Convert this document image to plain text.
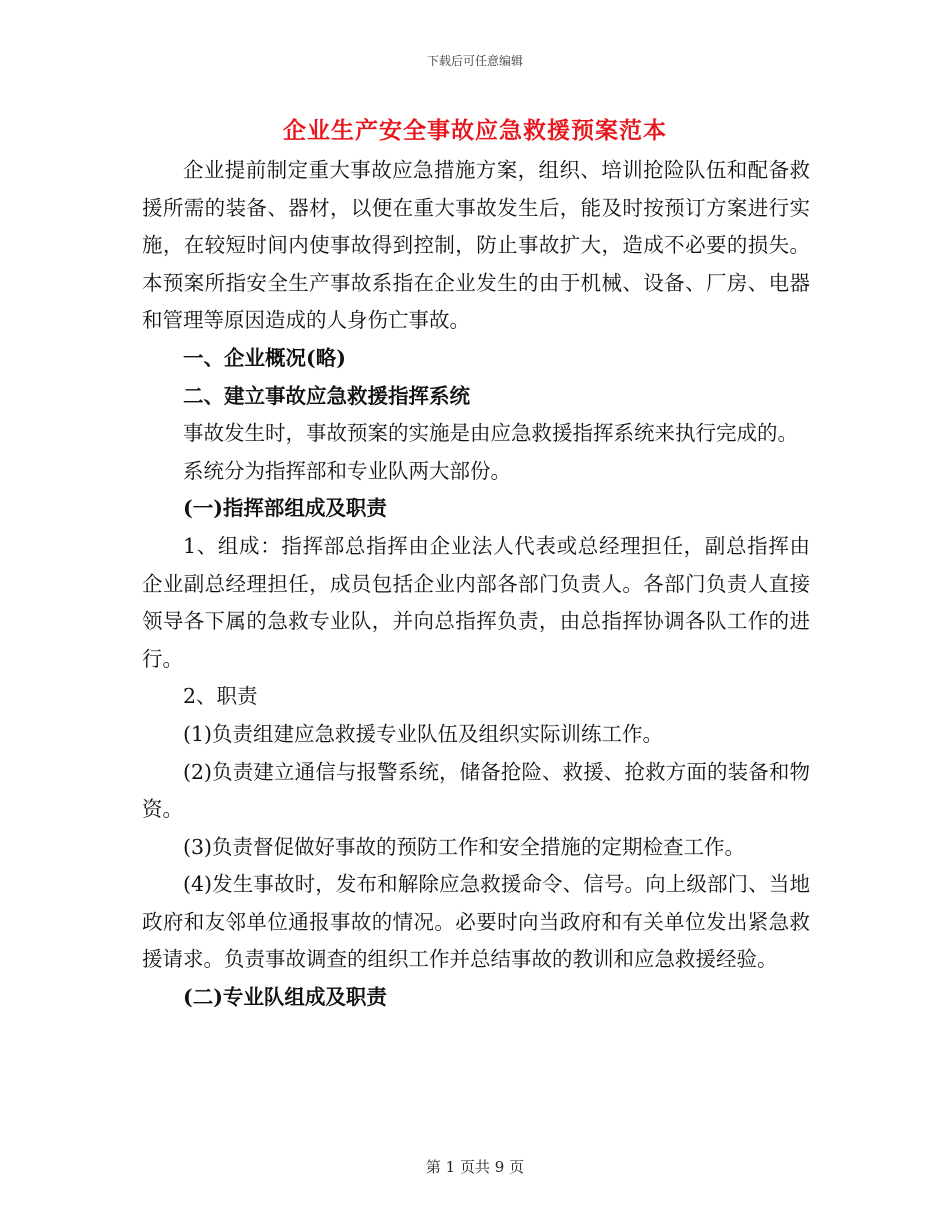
下载后可任意编辑
企业生产安全事故应急救援预案范本

企业提前制定重大事故应急措施方案，组织、培训抢险队伍和配备救援所需的装备、器材，以便在重大事故发生后，能及时按预订方案进行实施，在较短时间内使事故得到控制，防止事故扩大，造成不必要的损失。本预案所指安全生产事故系指在企业发生的由于机械、设备、厂房、电器和管理等原因造成的人身伤亡事故。

一、企业概况(略)

二、建立事故应急救援指挥系统

事故发生时，事故预案的实施是由应急救援指挥系统来执行完成的。

系统分为指挥部和专业队两大部份。

(一)指挥部组成及职责

1、组成：指挥部总指挥由企业法人代表或总经理担任，副总指挥由企业副总经理担任，成员包括企业内部各部门负责人。各部门负责人直接领导各下属的急救专业队，并向总指挥负责，由总指挥协调各队工作的进行。

2、职责

(1)负责组建应急救援专业队伍及组织实际训练工作。

(2)负责建立通信与报警系统，储备抢险、救援、抢救方面的装备和物资。

(3)负责督促做好事故的预防工作和安全措施的定期检查工作。

(4)发生事故时，发布和解除应急救援命令、信号。向上级部门、当地政府和友邻单位通报事故的情况。必要时向当政府和有关单位发出紧急救援请求。负责事故调查的组织工作并总结事故的教训和应急救援经验。

(二)专业队组成及职责

第 1 页共 9 页
